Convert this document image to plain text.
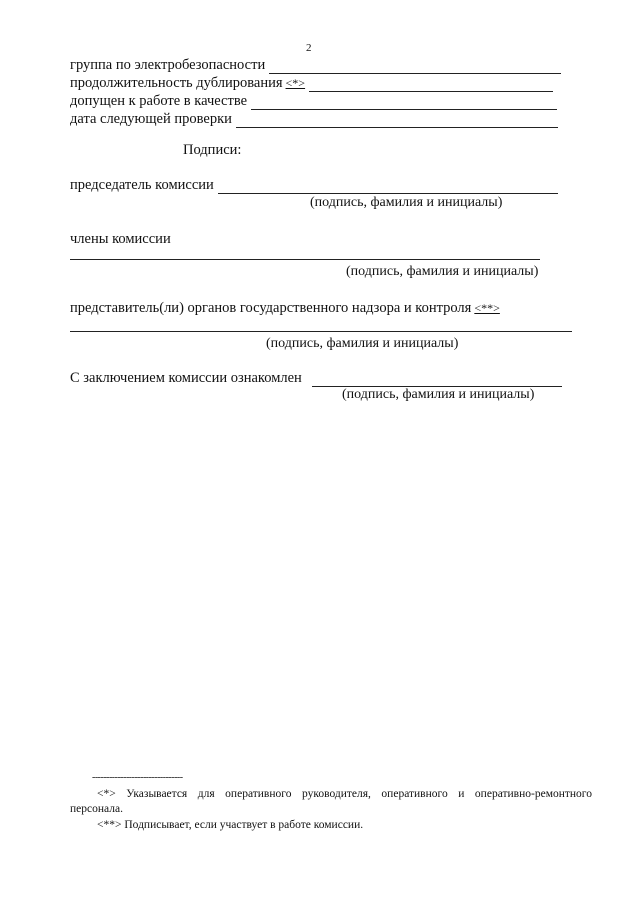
2
группа по электробезопасности
продолжительность дублирования <*>
допущен к работе в качестве
дата следующей проверки
Подписи:
председатель комиссии
(подпись, фамилия и инициалы)
члены комиссии
(подпись, фамилия и инициалы)
представитель(ли) органов государственного надзора и контроля <**>
(подпись, фамилия и инициалы)
С заключением комиссии ознакомлен
(подпись, фамилия и инициалы)
--------------------------------
<*> Указывается для оперативного руководителя, оперативного и оперативно-ремонтного персонала.
<**> Подписывает, если участвует в работе комиссии.
